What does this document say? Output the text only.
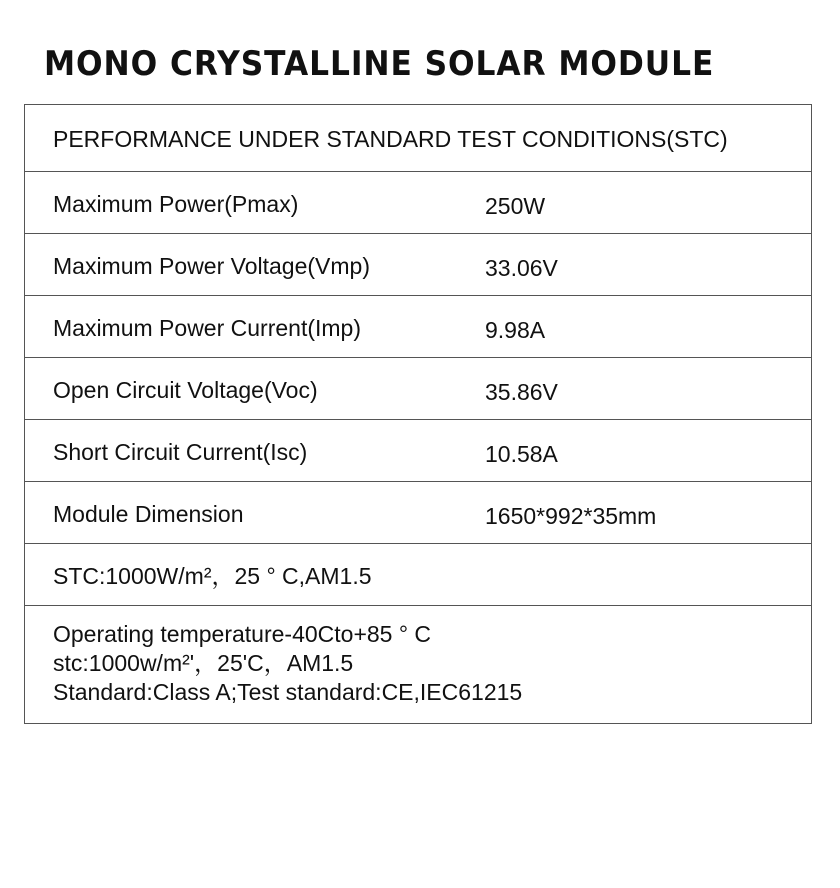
MONO CRYSTALLINE SOLAR MODULE
PERFORMANCE UNDER STANDARD TEST CONDITIONS(STC)
Maximum Power(Pmax)	250W
Maximum Power Voltage(Vmp)	33.06V
Maximum Power Current(Imp)	9.98A
Open Circuit Voltage(Voc)	35.86V
Short Circuit Current(Isc)	10.58A
Module Dimension	1650*992*35mm
STC:1000W/m²，25 ° C,AM1.5
Operating temperature-40Cto+85 ° C
stc:1000w/m²'，25'C，AM1.5
Standard:Class A;Test standard:CE,IEC61215
